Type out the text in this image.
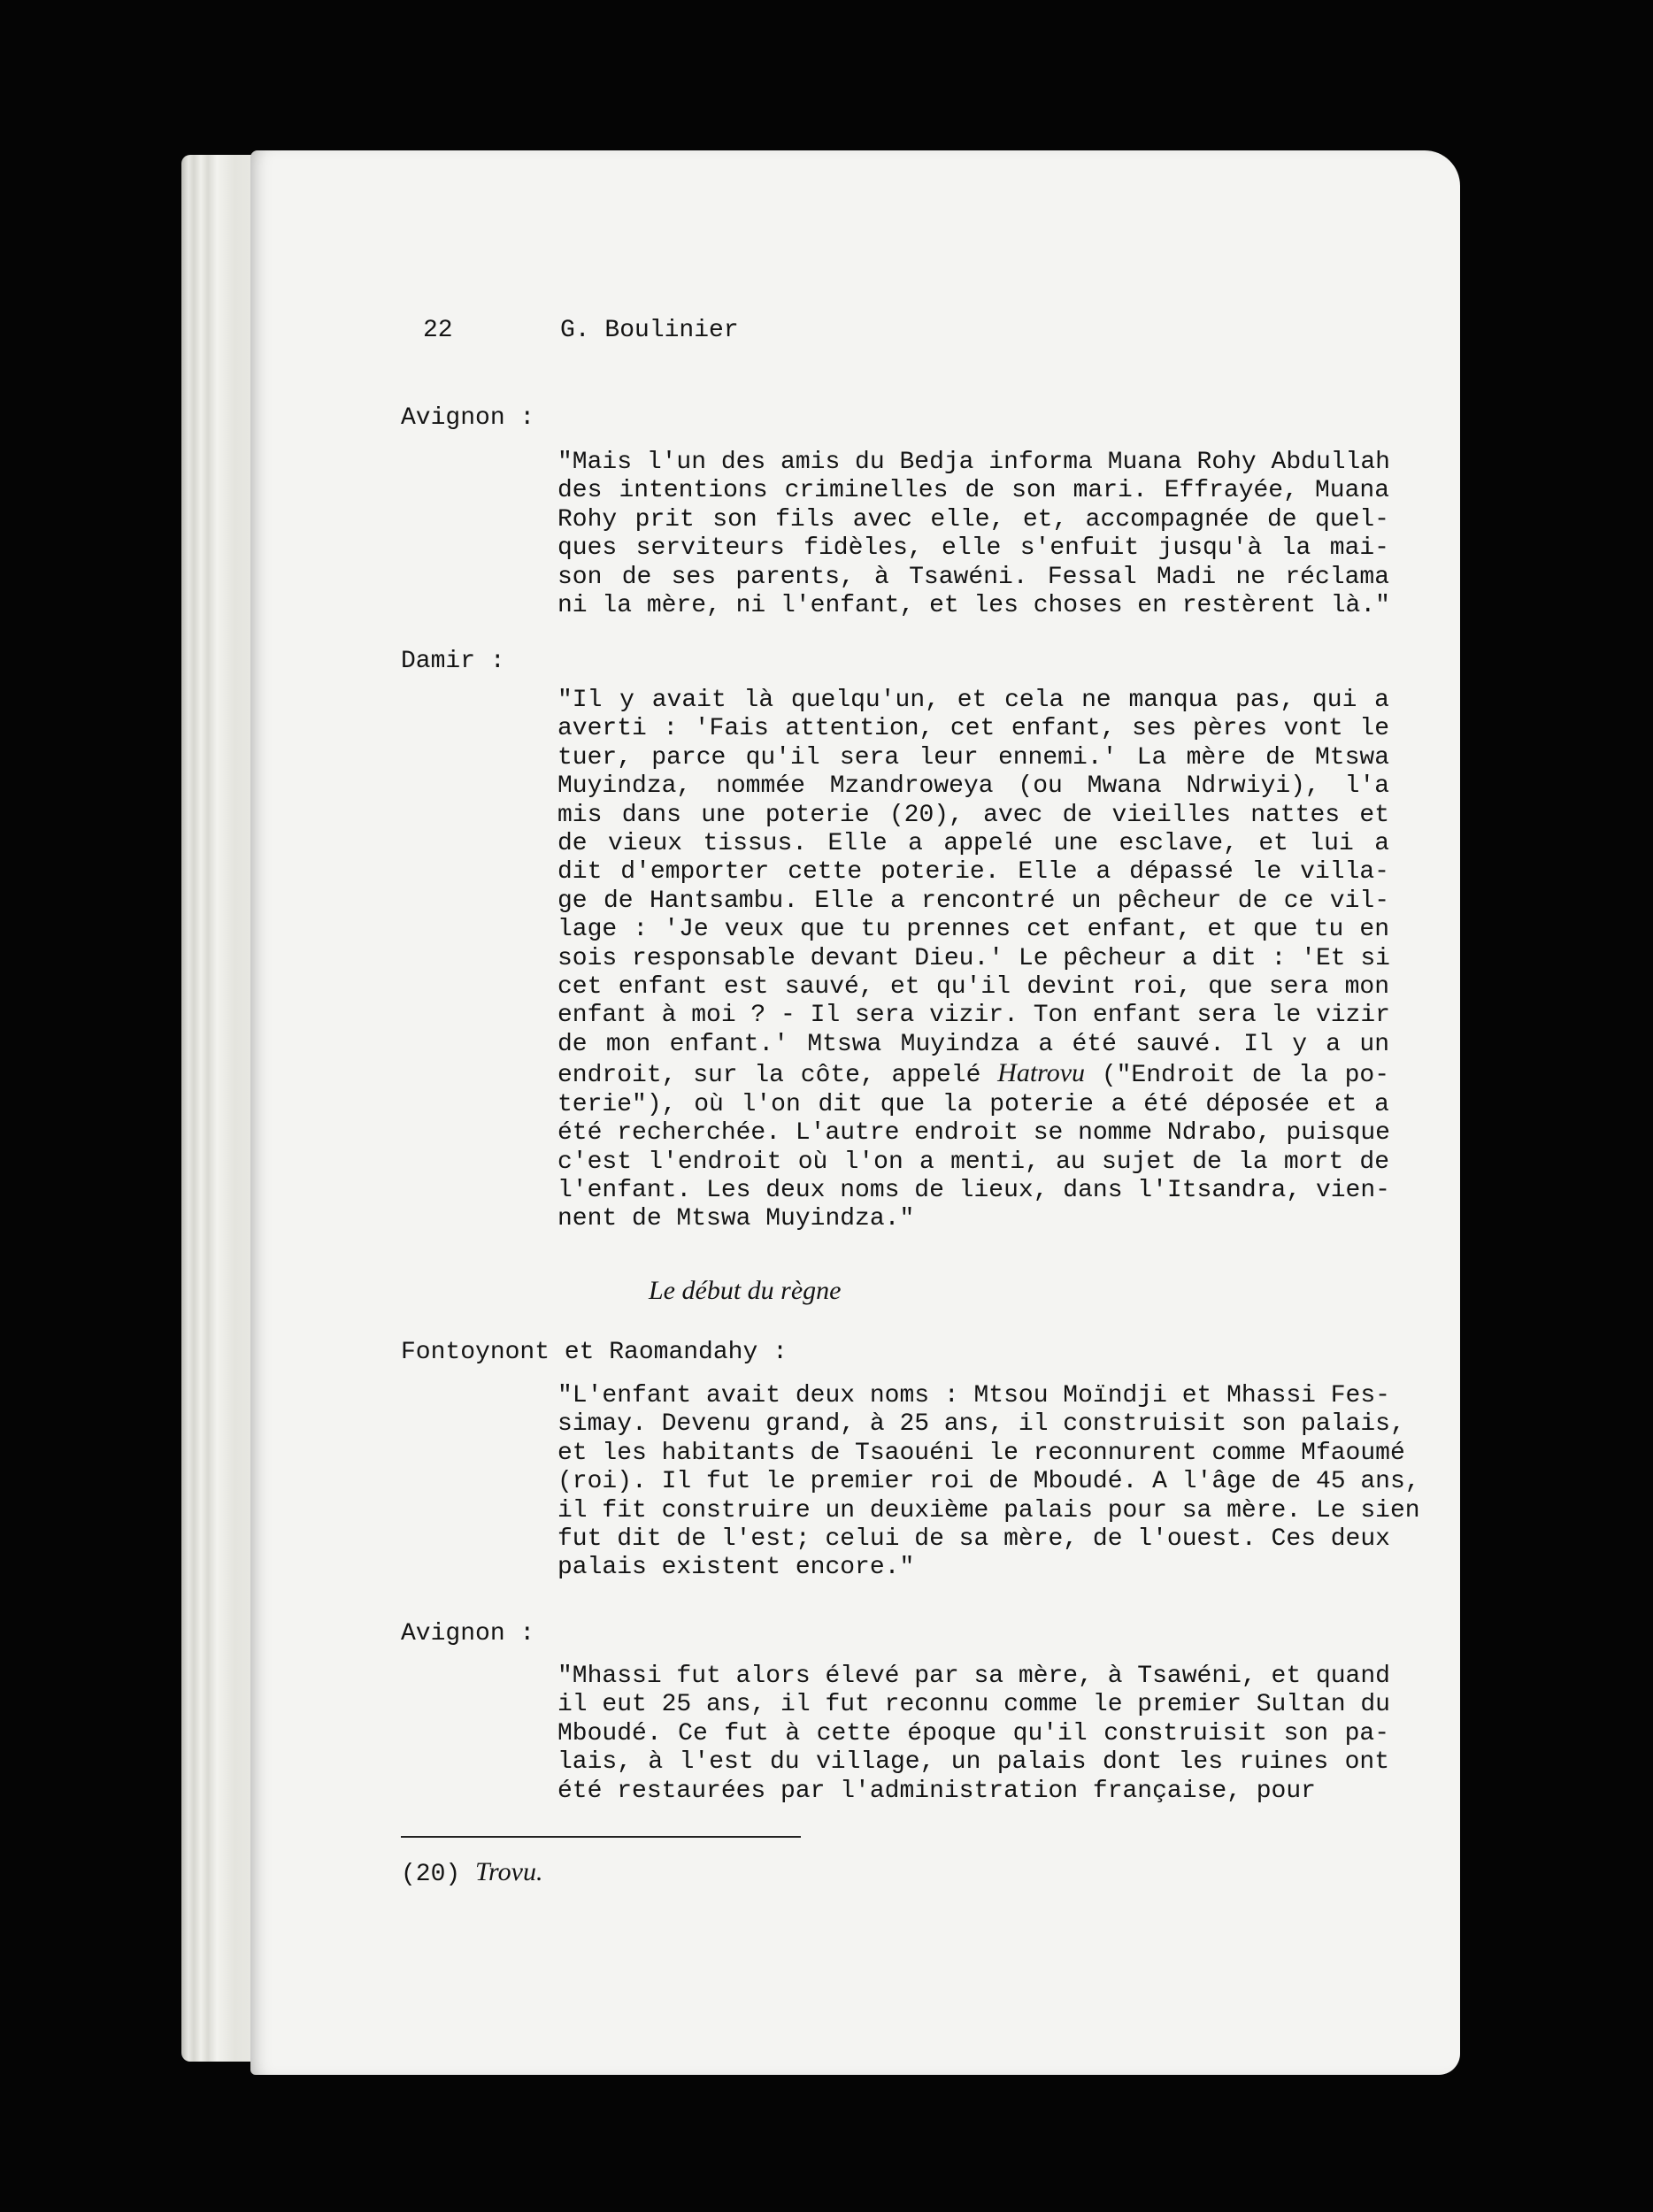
22	G. Boulinier
Avignon :
"Mais l'un des amis du Bedja informa Muana Rohy Abdullah
des intentions criminelles de son mari. Effrayée, Muana
Rohy prit son fils avec elle, et, accompagnée de quel-
ques serviteurs fidèles, elle s'enfuit jusqu'à la mai-
son de ses parents, à Tsawéni. Fessal Madi ne réclama
ni la mère, ni l'enfant, et les choses en restèrent là."
Damir :
"Il y avait là quelqu'un, et cela ne manqua pas, qui a
averti : 'Fais attention, cet enfant, ses pères vont le
tuer, parce qu'il sera leur ennemi.' La mère de Mtswa
Muyindza, nommée Mzandroweya (ou Mwana Ndrwiyi), l'a
mis dans une poterie (20), avec de vieilles nattes et
de vieux tissus. Elle a appelé une esclave, et lui a
dit d'emporter cette poterie. Elle a dépassé le villa-
ge de Hantsambu. Elle a rencontré un pêcheur de ce vil-
lage : 'Je veux que tu prennes cet enfant, et que tu en
sois responsable devant Dieu.' Le pêcheur a dit : 'Et si
cet enfant est sauvé, et qu'il devint roi, que sera mon
enfant à moi ? - Il sera vizir. Ton enfant sera le vizir
de mon enfant.' Mtswa Muyindza a été sauvé. Il y a un
endroit, sur la côte, appelé Hatrovu ("Endroit de la po-
terie"), où l'on dit que la poterie a été déposée et a
été recherchée. L'autre endroit se nomme Ndrabo, puisque
c'est l'endroit où l'on a menti, au sujet de la mort de
l'enfant. Les deux noms de lieux, dans l'Itsandra, vien-
nent de Mtswa Muyindza."
Le début du règne
Fontoynont et Raomandahy :
"L'enfant avait deux noms : Mtsou Moïndji et Mhassi Fes-
simay. Devenu grand, à 25 ans, il construisit son palais,
et les habitants de Tsaouéni le reconnurent comme Mfaoumé
(roi). Il fut le premier roi de Mboudé. A l'âge de 45 ans,
il fit construire un deuxième palais pour sa mère. Le sien
fut dit de l'est; celui de sa mère, de l'ouest. Ces deux
palais existent encore."
Avignon :
"Mhassi fut alors élevé par sa mère, à Tsawéni, et quand
il eut 25 ans, il fut reconnu comme le premier Sultan du
Mboudé. Ce fut à cette époque qu'il construisit son pa-
lais, à l'est du village, un palais dont les ruines ont
été restaurées par l'administration française, pour
(20) Trovu.
